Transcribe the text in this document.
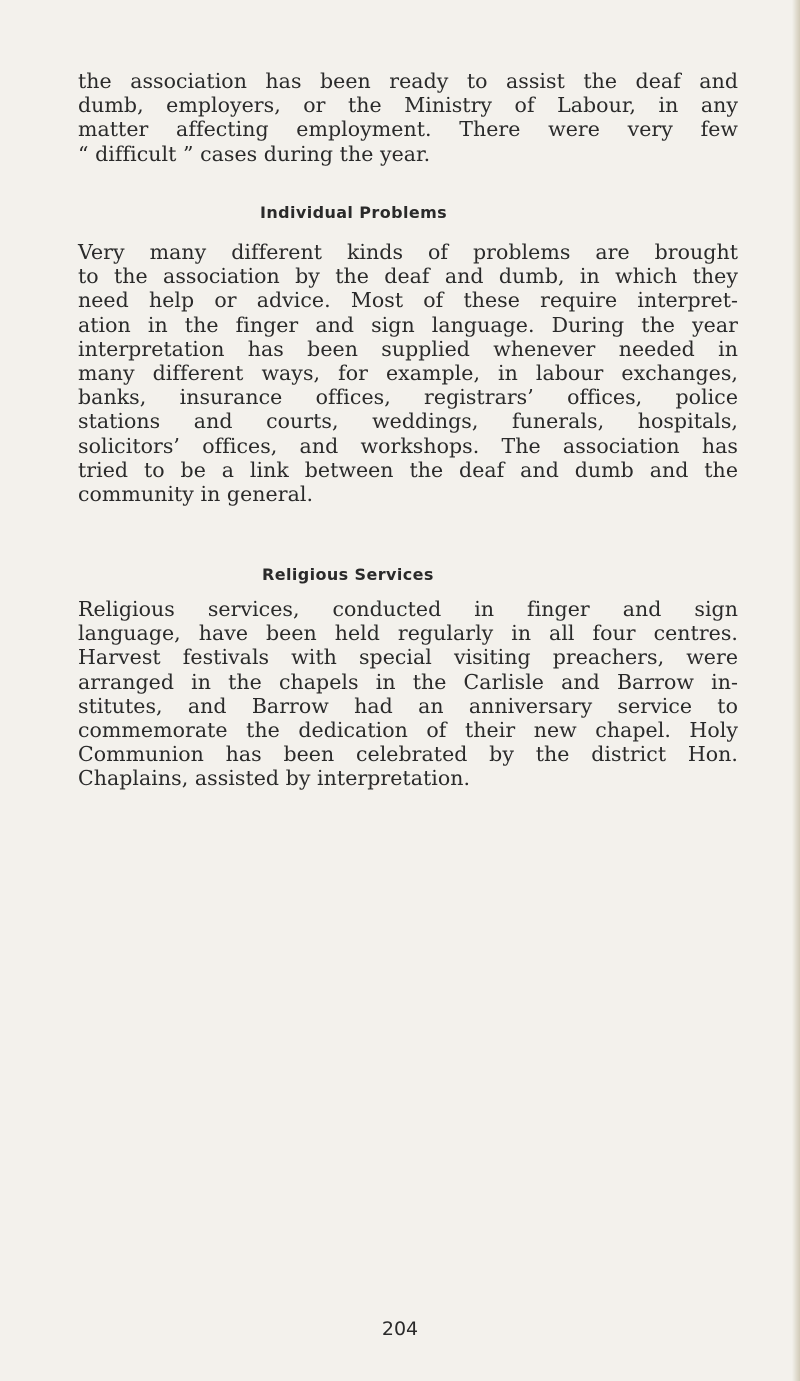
the association has been ready to assist the deaf and
dumb, employers, or the Ministry of Labour, in any
matter affecting employment. There were very few
“ difficult ” cases during the year.

Individual Problems

Very many different kinds of problems are brought
to the association by the deaf and dumb, in which they
need help or advice. Most of these require interpret-
ation in the finger and sign language. During the year
interpretation has been supplied whenever needed in
many different ways, for example, in labour exchanges,
banks, insurance offices, registrars’ offices, police
stations and courts, weddings, funerals, hospitals,
solicitors’ offices, and workshops. The association has
tried to be a link between the deaf and dumb and the
community in general.

Religious Services

Religious services, conducted in finger and sign
language, have been held regularly in all four centres.
Harvest festivals with special visiting preachers, were
arranged in the chapels in the Carlisle and Barrow in-
stitutes, and Barrow had an anniversary service to
commemorate the dedication of their new chapel. Holy
Communion has been celebrated by the district Hon.
Chaplains, assisted by interpretation.

204
